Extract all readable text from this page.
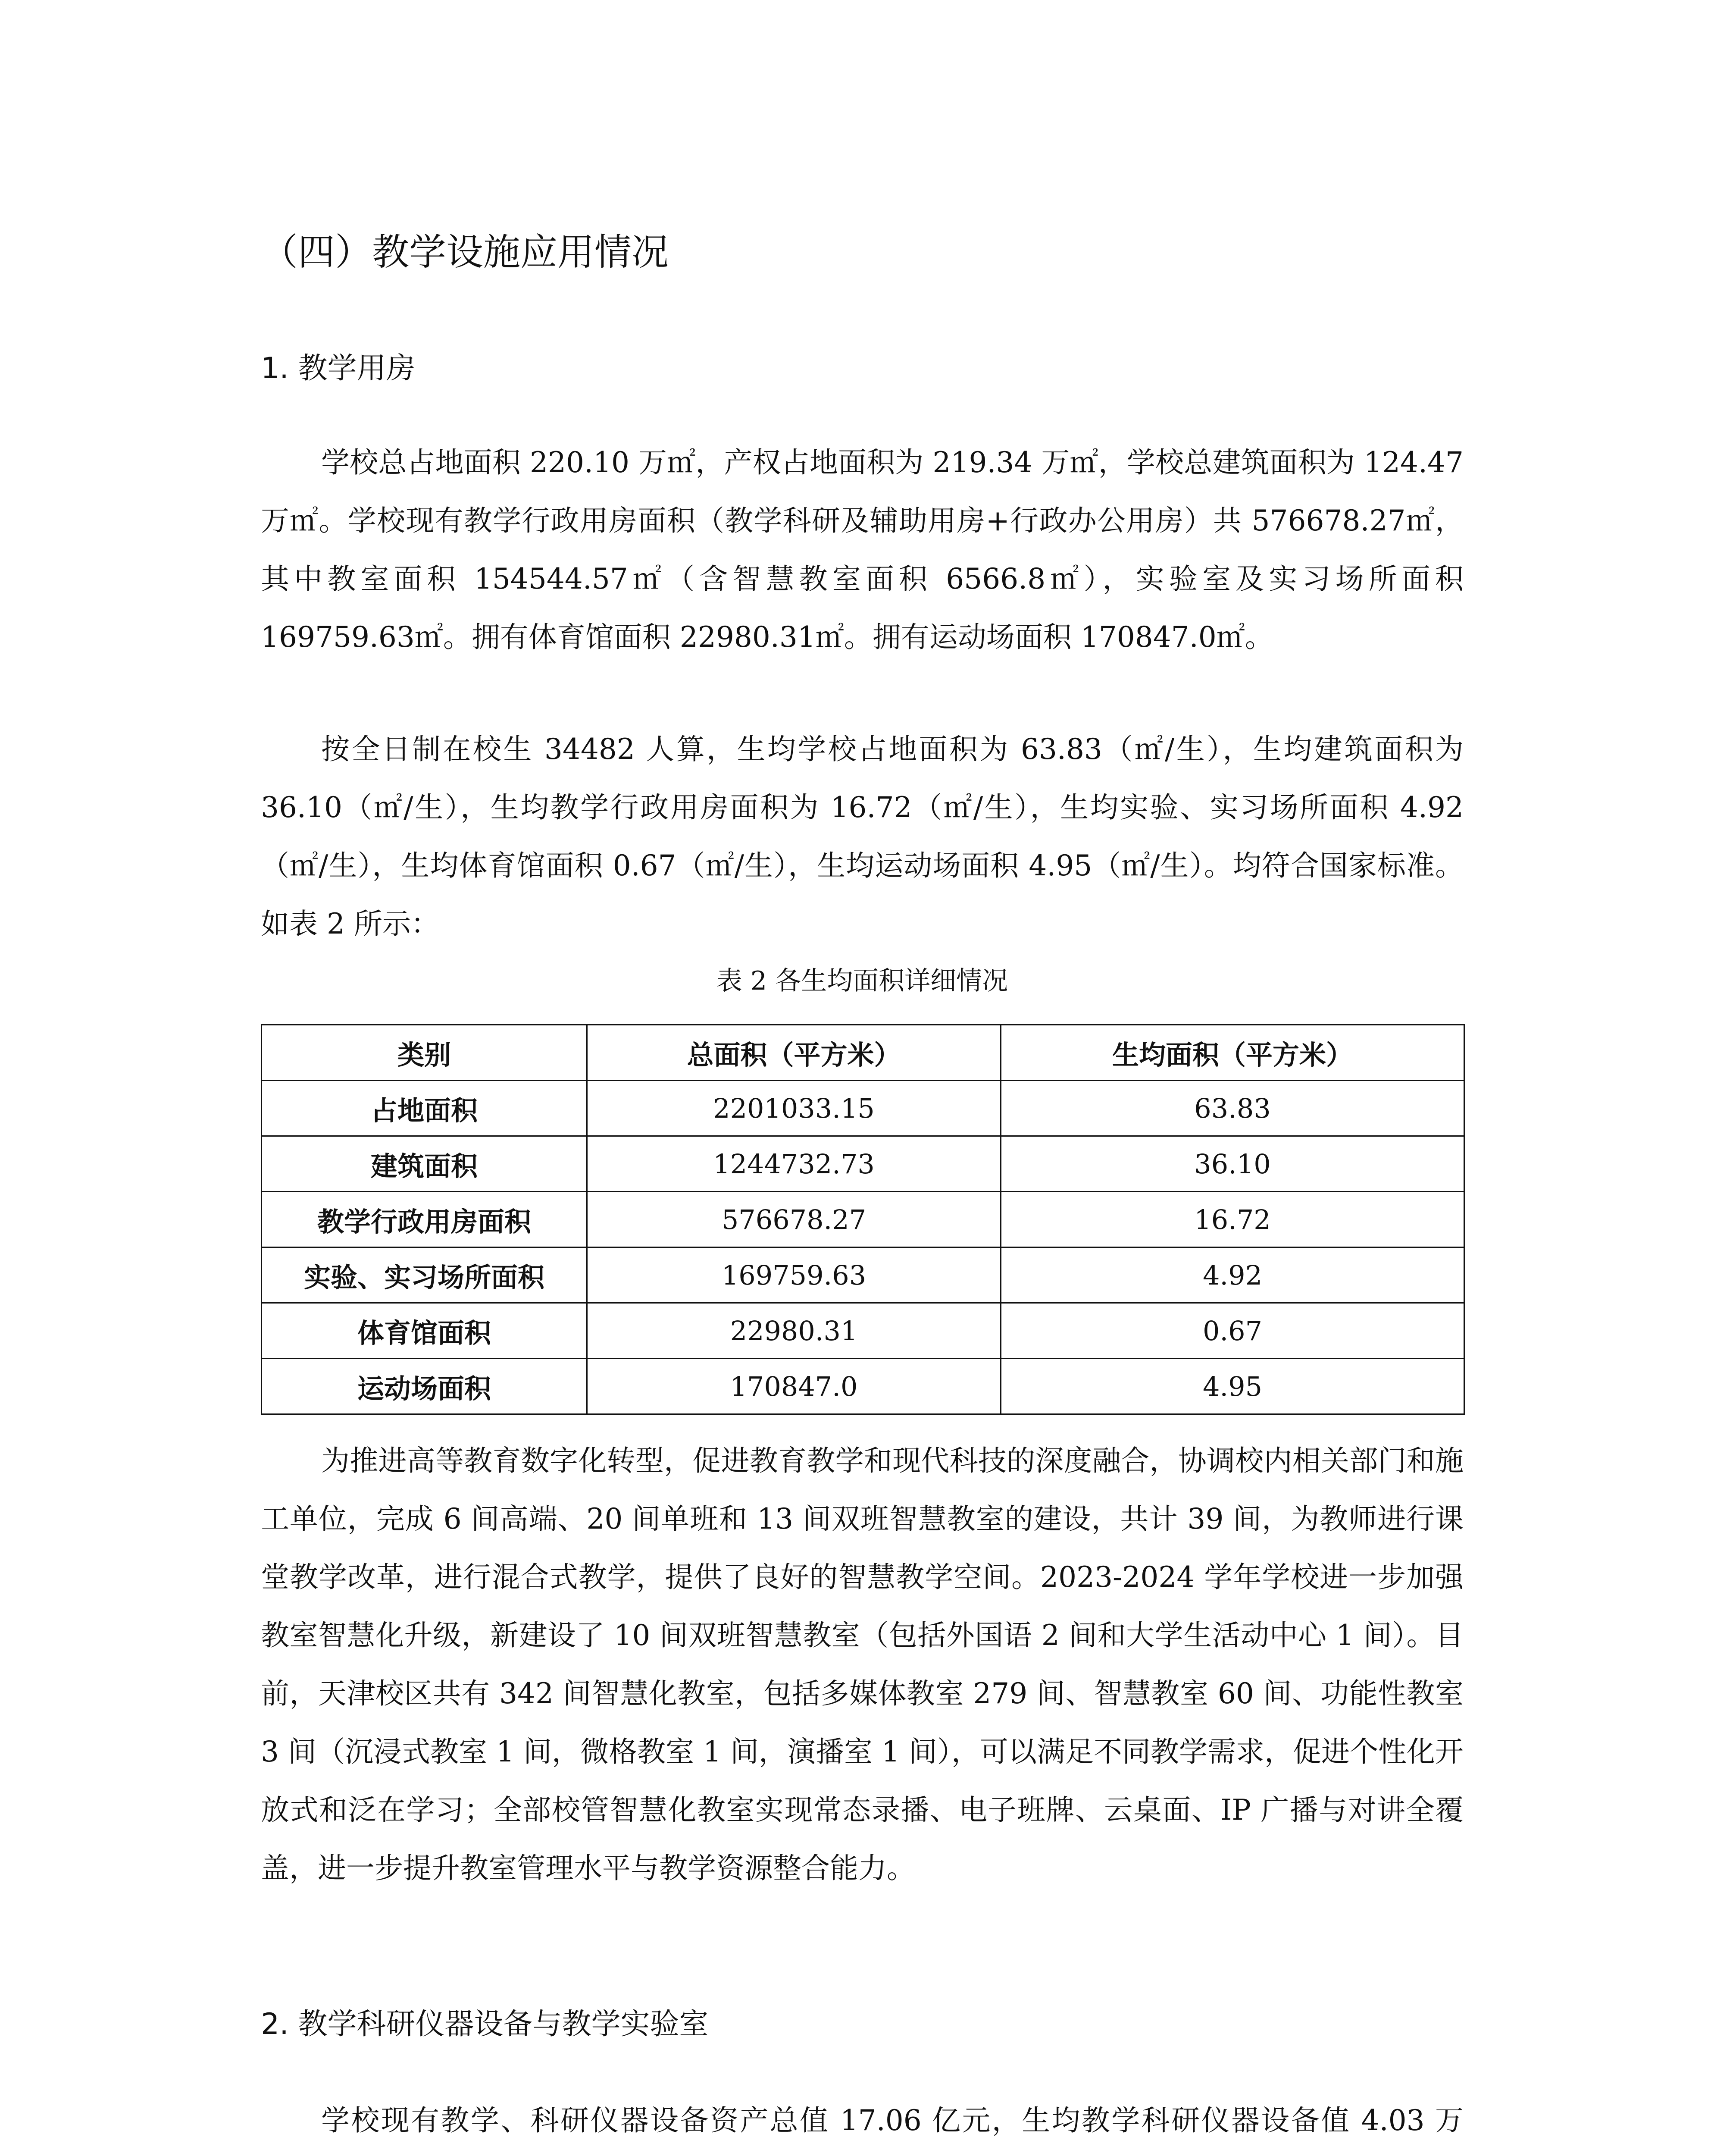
（四）教学设施应用情况
1. 教学用房

学校总占地面积 220.10 万㎡，产权占地面积为 219.34 万㎡，学校总建筑面积为 124.47 万㎡。学校现有教学行政用房面积（教学科研及辅助用房+行政办公用房）共 576678.27㎡，其中教室面积 154544.57㎡（含智慧教室面积 6566.8㎡），实验室及实习场所面积 169759.63㎡。拥有体育馆面积 22980.31㎡。拥有运动场面积 170847.0㎡。

按全日制在校生 34482 人算，生均学校占地面积为 63.83（㎡/生），生均建筑面积为 36.10（㎡/生），生均教学行政用房面积为 16.72（㎡/生），生均实验、实习场所面积 4.92（㎡/生），生均体育馆面积 0.67（㎡/生），生均运动场面积 4.95（㎡/生）。均符合国家标准。如表 2 所示：

表 2 各生均面积详细情况

类别	总面积（平方米）	生均面积（平方米）
占地面积	2201033.15	63.83
建筑面积	1244732.73	36.10
教学行政用房面积	576678.27	16.72
实验、实习场所面积	169759.63	4.92
体育馆面积	22980.31	0.67
运动场面积	170847.0	4.95

为推进高等教育数字化转型，促进教育教学和现代科技的深度融合，协调校内相关部门和施工单位，完成 6 间高端、20 间单班和 13 间双班智慧教室的建设，共计 39 间，为教师进行课堂教学改革，进行混合式教学，提供了良好的智慧教学空间。2023-2024 学年学校进一步加强教室智慧化升级，新建设了 10 间双班智慧教室（包括外国语 2 间和大学生活动中心 1 间）。目前，天津校区共有 342 间智慧化教室，包括多媒体教室 279 间、智慧教室 60 间、功能性教室 3 间（沉浸式教室 1 间，微格教室 1 间，演播室 1 间），可以满足不同教学需求，促进个性化开放式和泛在学习；全部校管智慧化教室实现常态录播、电子班牌、云桌面、IP 广播与对讲全覆盖，进一步提升教室管理水平与教学资源整合能力。

2. 教学科研仪器设备与教学实验室

学校现有教学、科研仪器设备资产总值 17.06 亿元，生均教学科研仪器设备值 4.03 万
